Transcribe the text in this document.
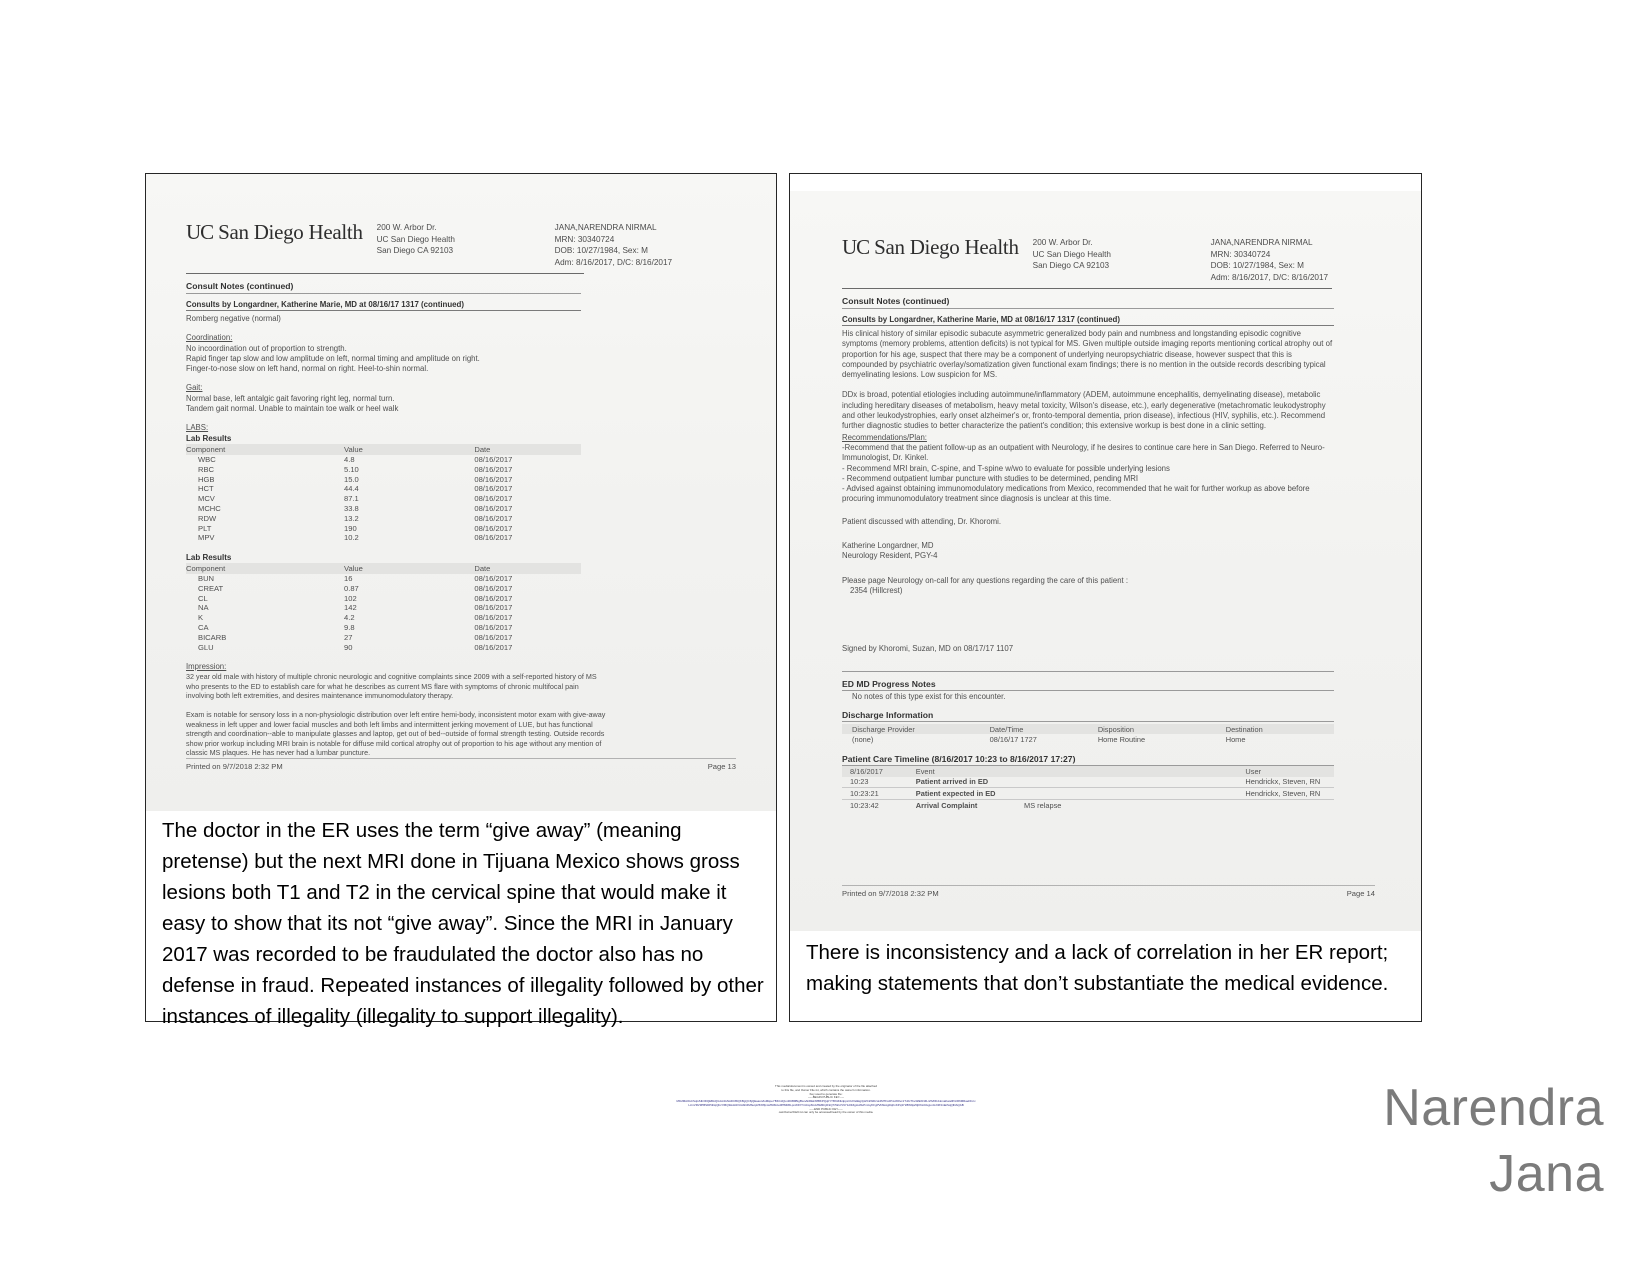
UC San Diego Health 200 W. Arbor Dr.
UC San Diego Health
San Diego CA 92103
JANA,NARENDRA NIRMAL
MRN: 30340724
DOB: 10/27/1984, Sex: M
Adm: 8/16/2017, D/C: 8/16/2017
Consult Notes (continued)
Consults by Longardner, Katherine Marie, MD at 08/16/17 1317 (continued)
Romberg negative (normal)
Coordination:
No incoordination out of proportion to strength.
Rapid finger tap slow and low amplitude on left, normal timing and amplitude on right.
Finger-to-nose slow on left hand, normal on right. Heel-to-shin normal.
Gait:
Normal base, left antalgic gait favoring right leg, normal turn.
Tandem gait normal. Unable to maintain toe walk or heel walk
LABS:
Lab Results
Component	Value	Date
WBC	4.8	08/16/2017
RBC	5.10	08/16/2017
HGB	15.0	08/16/2017
HCT	44.4	08/16/2017
MCV	87.1	08/16/2017
MCHC	33.8	08/16/2017
RDW	13.2	08/16/2017
PLT	190	08/16/2017
MPV	10.2	08/16/2017
Lab Results
Component	Value	Date
BUN	16	08/16/2017
CREAT	0.87	08/16/2017
CL	102	08/16/2017
NA	142	08/16/2017
K	4.2	08/16/2017
CA	9.8	08/16/2017
BICARB	27	08/16/2017
GLU	90	08/16/2017
Impression:
32 year old male with history of multiple chronic neurologic and cognitive complaints since 2009 with a self-reported history of MS who presents to the ED to establish care for what he describes as current MS flare with symptoms of chronic multifocal pain involving both left extremities, and desires maintenance immunomodulatory therapy.
Exam is notable for sensory loss in a non-physiologic distribution over left entire hemi-body, inconsistent motor exam with give-away weakness in left upper and lower facial muscles and both left limbs and intermittent jerking movement of LUE, but has functional strength and coordination--able to manipulate glasses and laptop, get out of bed--outside of formal strength testing. Outside records show prior workup including MRI brain is notable for diffuse mild cortical atrophy out of proportion to his age without any mention of classic MS plaques. He has never had a lumbar puncture.
Printed on 9/7/2018 2:32 PM	Page 13
The doctor in the ER uses the term “give away” (meaning pretense) but the next MRI done in Tijuana Mexico shows gross lesions both T1 and T2 in the cervical spine that would make it easy to show that its not “give away”. Since the MRI in January 2017 was recorded to be fraudulated the doctor also has no defense in fraud. Repeated instances of illegality followed by other instances of illegality (illegality to support illegality).
UC San Diego Health 200 W. Arbor Dr.
UC San Diego Health
San Diego CA 92103
JANA,NARENDRA NIRMAL
MRN: 30340724
DOB: 10/27/1984, Sex: M
Adm: 8/16/2017, D/C: 8/16/2017
Consult Notes (continued)
Consults by Longardner, Katherine Marie, MD at 08/16/17 1317 (continued)
His clinical history of similar episodic subacute asymmetric generalized body pain and numbness and longstanding episodic cognitive symptoms (memory problems, attention deficits) is not typical for MS. Given multiple outside imaging reports mentioning cortical atrophy out of proportion for his age, suspect that there may be a component of underlying neuropsychiatric disease, however suspect that this is compounded by psychiatric overlay/somatization given functional exam findings; there is no mention in the outside records describing typical demyelinating lesions. Low suspicion for MS.
DDx is broad, potential etiologies including autoimmune/inflammatory (ADEM, autoimmune encephalitis, demyelinating disease), metabolic including hereditary diseases of metabolism, heavy metal toxicity, Wilson's disease, etc.), early degenerative (metachromatic leukodystrophy and other leukodystrophies, early onset alzheimer's or, fronto-temporal dementia, prion disease), infectious (HIV, syphilis, etc.). Recommend further diagnostic studies to better characterize the patient's condition; this extensive workup is best done in a clinic setting.
Recommendations/Plan:
-Recommend that the patient follow-up as an outpatient with Neurology, if he desires to continue care here in San Diego. Referred to Neuro-Immunologist, Dr. Kinkel.
- Recommend MRI brain, C-spine, and T-spine w/wo to evaluate for possible underlying lesions
- Recommend outpatient lumbar puncture with studies to be determined, pending MRI
- Advised against obtaining immunomodulatory medications from Mexico, recommended that he wait for further workup as above before procuring immunomodulatory treatment since diagnosis is unclear at this time.
Patient discussed with attending, Dr. Khoromi.
Katherine Longardner, MD
Neurology Resident, PGY-4
Please page Neurology on-call for any questions regarding the care of this patient :
2354 (Hillcrest)
Signed by Khoromi, Suzan, MD on 08/17/17 1107
ED MD Progress Notes
No notes of this type exist for this encounter.
Discharge Information
Discharge Provider	Date/Time	Disposition	Destination
(none)	08/16/17 1727	Home Routine	Home
Patient Care Timeline (8/16/2017 10:23 to 8/16/2017 17:27)
8/16/2017	Event		User
10:23	Patient arrived in ED		Hendrickx, Steven, RN
10:23:21	Patient expected in ED		Hendrickx, Steven, RN
10:23:42	Arrival Complaint	MS relapse	
Printed on 9/7/2018 2:32 PM	Page 14
There is inconsistency and a lack of correlation in her ER report; making statements that don’t substantiate the medical evidence.
This media/document is owned and created by the originator of the file attached
to this file, and Owner File.txt, which contains the owner's information.
Key used to generate file:
-----BEGIN PUBLIC KEY-----
MIGfMA0GCSqGSIb3DQEBAQUAA4GNADCBiQKBgQC6jQEaavnZuMkpeYBKCdQLv2DiB9BtgBwnAbREkX8BKPQqbYTBXdNk4ppxCUtVa9kg3j1ZCkWDzxk4MTFcdPnHXDvc1TJ2cTbv4ZEKNZLrZhZIDJvkmaKwa0fOcR6MRaeDCcvLzmVRV3PBSDPtiDqQbcYtBQ3Hdd4VUAbD4MSutplz5X8fp1xZ6fZkze0PfMR6LpnzDlXTrn3mp6GzZ6k8b/jJFkQ7r5kUrV9Y1dIFZgLkWuPmGyKFgPVb6kAgRqKnKPq3YZ8W9pZ0jK6L0tGgLn4xXZf4mEiSqQIDAQAB
-----END PUBLIC KEY-----
ownOwnerFile6.txt can only be accessed/read by the owner of this media.	Narendra
Jana
